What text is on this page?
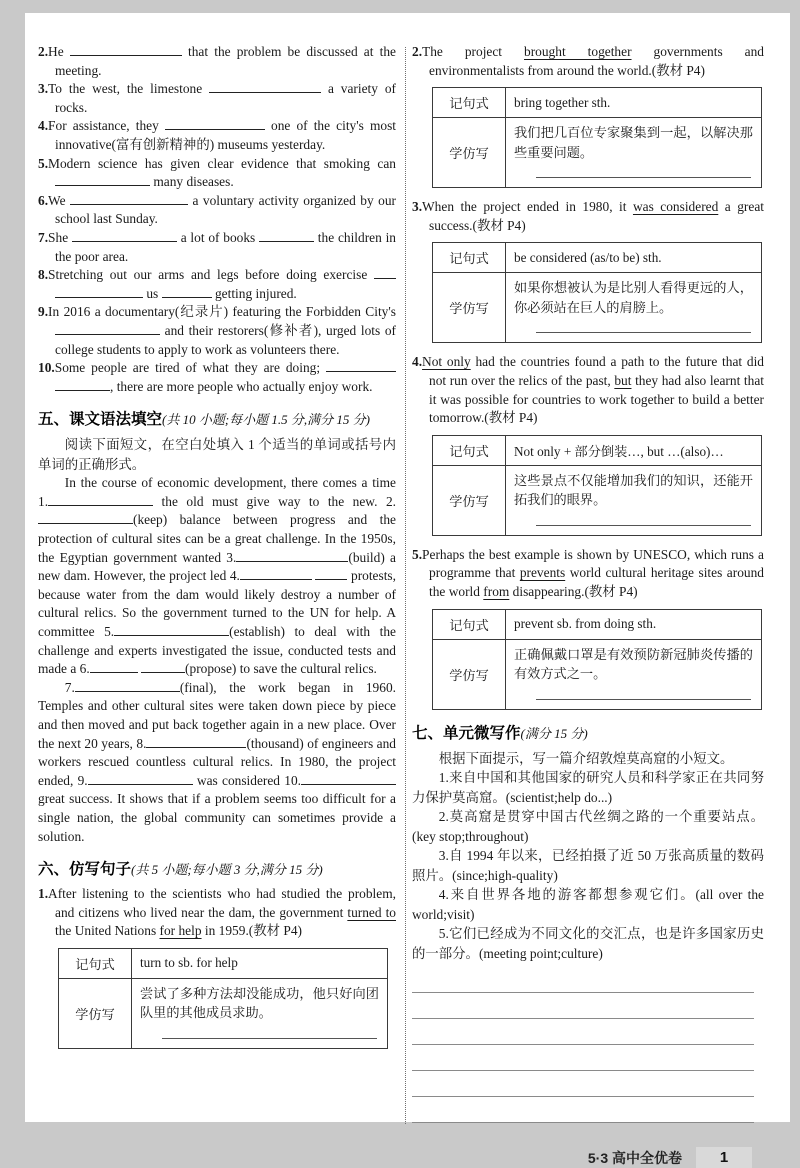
2.He	that the problem be discussed at the meeting.
3.To the west, the limestone	a variety of rocks.
4.For assistance, they	one of the city's most innovative(富有创新精神的) museums yesterday.
5.Modern science has given clear evidence that smoking can  many diseases.
6.We	a voluntary activity organized by our school last Sunday.
7.She	a lot of books	the children in the poor area.
8.Stretching out our arms and legs before doing exercise   us	getting injured.
9.In 2016 a documentary(纪录片) featuring the Forbidden City's  and their restorers(修补者), urged lots of college students to apply to work as volunteers there.
10.Some people are tired of what they are doing;  , there are more people who actually enjoy work.
五、课文语法填空(共 10 小题;每小题 1.5 分,满分 15 分)

阅读下面短文，在空白处填入 1 个适当的单词或括号内单词的正确形式。

In the course of economic development, there comes a time 1.	the old must give way to the new. 2.(keep) balance between progress and the protection of cultural sites can be a great challenge. In the 1950s, the Egyptian government wanted 3.	(build) a new dam. However, the project led 4.	protests, because water from the dam would likely destroy a number of cultural relics. So the government turned to the UN for help. A committee 5.	(establish) to deal with the challenge and experts investigated the issue, conducted tests and made a 6.	(propose) to save the cultural relics.

7.	(final), the work began in 1960. Temples and other cultural sites were taken down piece by piece and then moved and put back together again in a new place. Over the next 20 years, 8.	(thousand) of engineers and workers rescued countless cultural relics. In 1980, the project ended, 9.	was considered 10. great success. It shows that if a problem seems too difficult for a single nation, the global community can sometimes provide a solution.

六、仿写句子(共 5 小题;每小题 3 分,满分 15 分)
1.After listening to the scientists who had studied the problem, and citizens who lived near the dam, the government turned to the United Nations for help in 1959.(教材 P4)
记句式	turn to sb. for help
学仿写	尝试了多种方法却没能成功，他只好向团队里的其他成员求助。
2.The project brought together governments and environmentalists from around the world.(教材 P4)
记句式	bring together sth.
学仿写	我们把几百位专家聚集到一起，以解决那些重要问题。
3.When the project ended in 1980, it was considered a great success.(教材 P4)
记句式	be considered (as/to be) sth.
学仿写	如果你想被认为是比别人看得更远的人，你必须站在巨人的肩膀上。
4.Not only had the countries found a path to the future that did not run over the relics of the past, but they had also learnt that it was possible for countries to work together to build a better tomorrow.(教材 P4)
记句式	Not only + 部分倒装…, but …(also)…
学仿写	这些景点不仅能增加我们的知识，还能开拓我们的眼界。
5.Perhaps the best example is shown by UNESCO, which runs a programme that prevents world cultural heritage sites around the world from disappearing.(教材 P4)
记句式	prevent sb. from doing sth.
学仿写	正确佩戴口罩是有效预防新冠肺炎传播的有效方式之一。
七、单元微写作(满分 15 分)

根据下面提示，写一篇介绍敦煌莫高窟的小短文。

1.来自中国和其他国家的研究人员和科学家正在共同努力保护莫高窟。(scientist;help do...)

2.莫高窟是贯穿中国古代丝绸之路的一个重要站点。(key stop;throughout)

3.自 1994 年以来，已经拍摄了近 50 万张高质量的数码照片。(since;high-quality)

4.来自世界各地的游客都想参观它们。(all over the world;visit)

5.它们已经成为不同文化的交汇点，也是许多国家历史的一部分。(meeting point;culture)

5·3 高中全优卷	1
